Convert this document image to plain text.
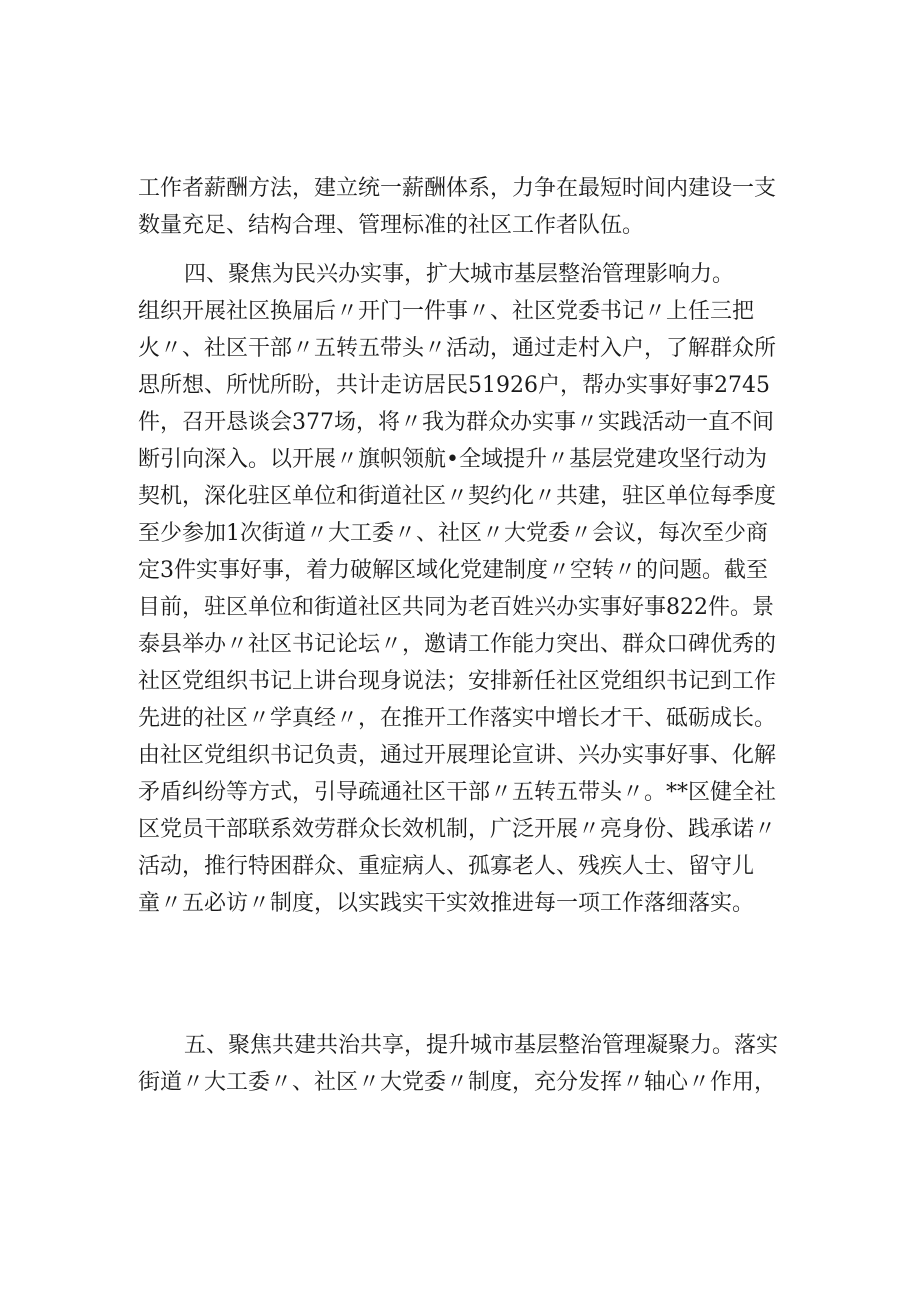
工作者薪酬方法，建立统一薪酬体系，力争在最短时间内建设一支
数量充足、结构合理、管理标准的社区工作者队伍。
四、聚焦为民兴办实事，扩大城市基层整治管理影响力。
组织开展社区换届后〃开门一件事〃、社区党委书记〃上任三把
火〃、社区干部〃五转五带头〃活动，通过走村入户，了解群众所
思所想、所忧所盼，共计走访居民51926户，帮办实事好事2745
件，召开恳谈会377场，将〃我为群众办实事〃实践活动一直不间
断引向深入。以开展〃旗帜领航•全域提升〃基层党建攻坚行动为
契机，深化驻区单位和街道社区〃契约化〃共建，驻区单位每季度
至少参加1次街道〃大工委〃、社区〃大党委〃会议，每次至少商
定3件实事好事，着力破解区域化党建制度〃空转〃的问题。截至
目前，驻区单位和街道社区共同为老百姓兴办实事好事822件。景
泰县举办〃社区书记论坛〃，邀请工作能力突出、群众口碑优秀的
社区党组织书记上讲台现身说法；安排新任社区党组织书记到工作
先进的社区〃学真经〃，在推开工作落实中增长才干、砥砺成长。
由社区党组织书记负责，通过开展理论宣讲、兴办实事好事、化解
矛盾纠纷等方式，引导疏通社区干部〃五转五带头〃。**区健全社
区党员干部联系效劳群众长效机制，广泛开展〃亮身份、践承诺〃
活动，推行特困群众、重症病人、孤寡老人、残疾人士、留守儿
童〃五必访〃制度，以实践实干实效推进每一项工作落细落实。
五、聚焦共建共治共享，提升城市基层整治管理凝聚力。落实
街道〃大工委〃、社区〃大党委〃制度，充分发挥〃轴心〃作用，
